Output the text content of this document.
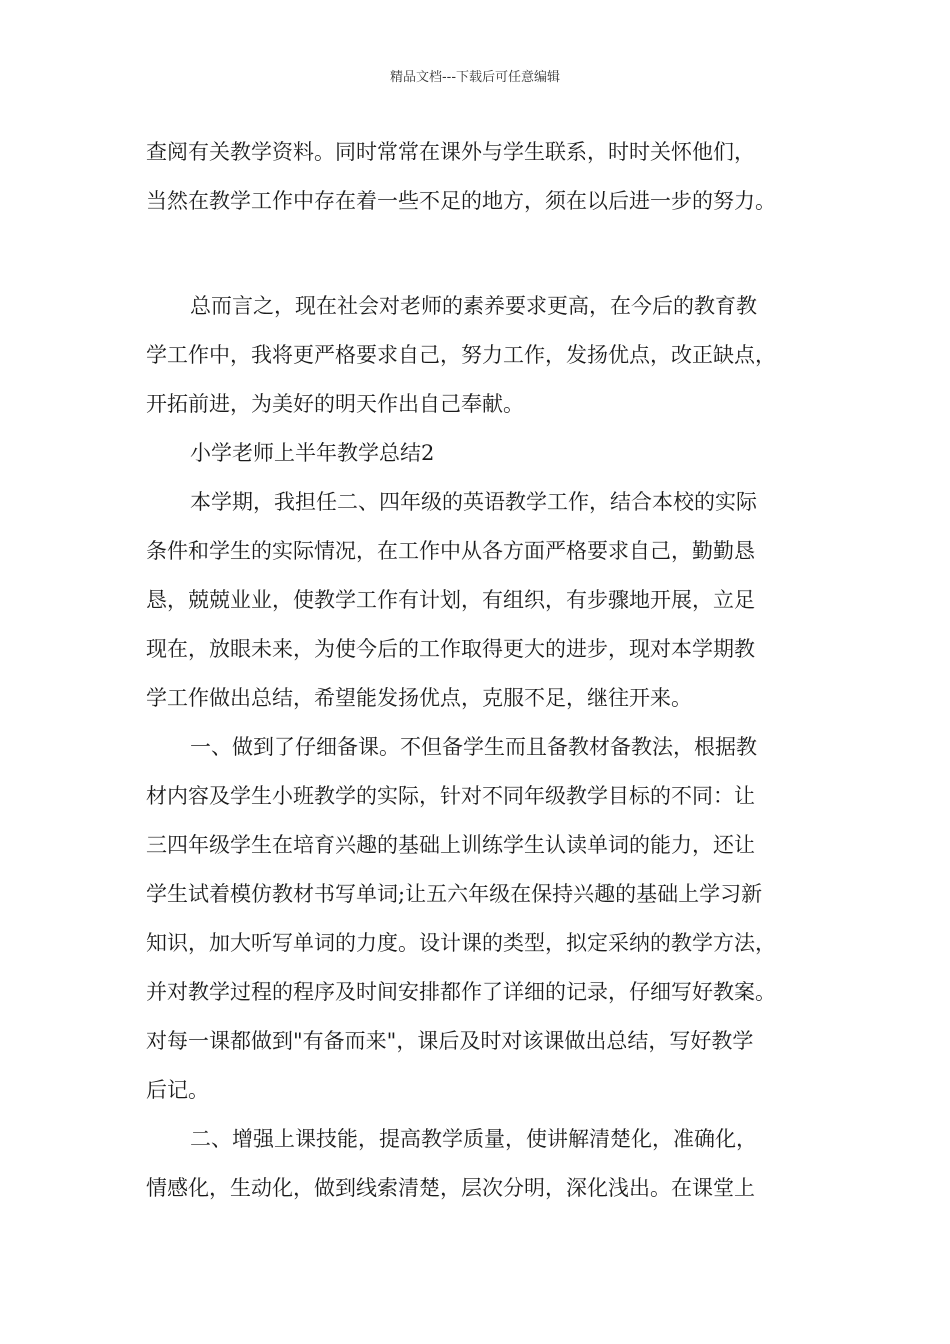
精品文档---下载后可任意编辑
查阅有关教学资料。同时常常在课外与学生联系，时时关怀他们，
当然在教学工作中存在着一些不足的地方，须在以后进一步的努力。
总而言之，现在社会对老师的素养要求更高，在今后的教育教
学工作中，我将更严格要求自己，努力工作，发扬优点，改正缺点，
开拓前进，为美好的明天作出自己奉献。
小学老师上半年教学总结2
本学期，我担任二、四年级的英语教学工作，结合本校的实际
条件和学生的实际情况，在工作中从各方面严格要求自己，勤勤恳
恳，兢兢业业，使教学工作有计划，有组织，有步骤地开展，立足
现在，放眼未来，为使今后的工作取得更大的进步，现对本学期教
学工作做出总结，希望能发扬优点，克服不足，继往开来。
一、做到了仔细备课。不但备学生而且备教材备教法，根据教
材内容及学生小班教学的实际，针对不同年级教学目标的不同：让
三四年级学生在培育兴趣的基础上训练学生认读单词的能力，还让
学生试着模仿教材书写单词;让五六年级在保持兴趣的基础上学习新
知识，加大听写单词的力度。设计课的类型，拟定采纳的教学方法，
并对教学过程的程序及时间安排都作了详细的记录，仔细写好教案。
对每一课都做到"有备而来"，课后及时对该课做出总结，写好教学
后记。
二、增强上课技能，提高教学质量，使讲解清楚化，准确化，
情感化，生动化，做到线索清楚，层次分明，深化浅出。在课堂上
